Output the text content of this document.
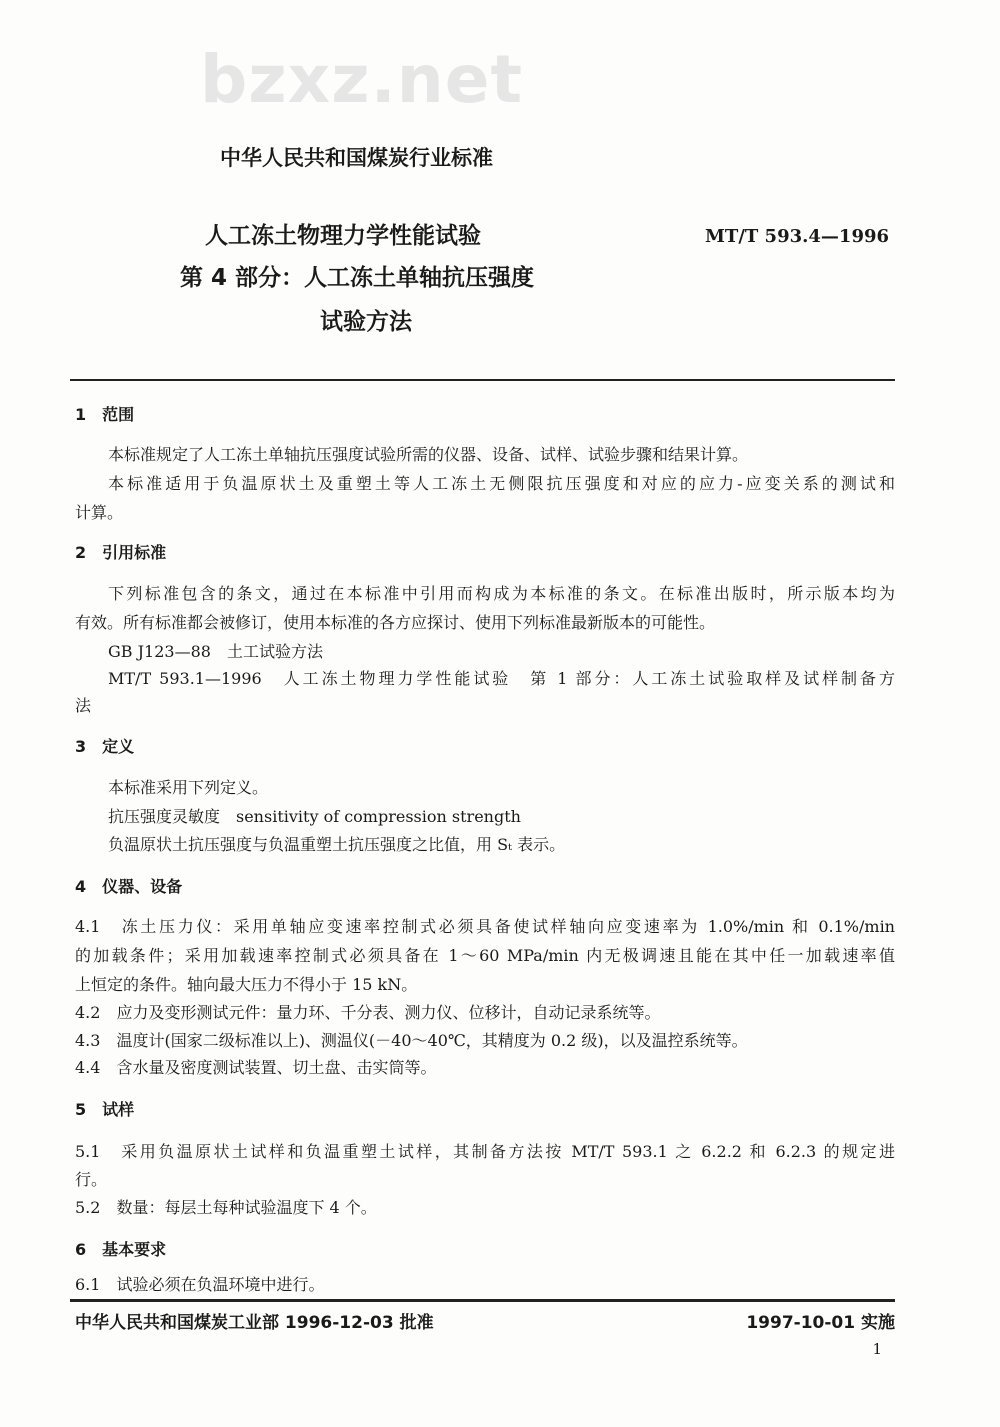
bzxz.net
中华人民共和国煤炭行业标准
人工冻土物理力学性能试验
第 4 部分：人工冻土单轴抗压强度
试验方法
MT/T 593.4—1996
1　范围
本标准规定了人工冻土单轴抗压强度试验所需的仪器、设备、试样、试验步骤和结果计算。
本标准适用于负温原状土及重塑土等人工冻土无侧限抗压强度和对应的应力-应变关系的测试和
计算。
2　引用标准
下列标准包含的条文，通过在本标准中引用而构成为本标准的条文。在标准出版时，所示版本均为
有效。所有标准都会被修订，使用本标准的各方应探讨、使用下列标准最新版本的可能性。
GB J123—88　土工试验方法
MT/T 593.1—1996　人工冻土物理力学性能试验　第 1 部分：人工冻土试验取样及试样制备方
法
3　定义
本标准采用下列定义。
抗压强度灵敏度　sensitivity of compression strength
负温原状土抗压强度与负温重塑土抗压强度之比值，用 Sₜ 表示。
4　仪器、设备
4.1　冻土压力仪：采用单轴应变速率控制式必须具备使试样轴向应变速率为 1.0%/min 和 0.1%/min
的加载条件；采用加载速率控制式必须具备在 1～60 MPa/min 内无极调速且能在其中任一加载速率值
上恒定的条件。轴向最大压力不得小于 15 kN。
4.2　应力及变形测试元件：量力环、千分表、测力仪、位移计，自动记录系统等。
4.3　温度计(国家二级标准以上)、测温仪(－40～40℃，其精度为 0.2 级)，以及温控系统等。
4.4　含水量及密度测试装置、切土盘、击实筒等。
5　试样
5.1　采用负温原状土试样和负温重塑土试样，其制备方法按 MT/T 593.1 之 6.2.2 和 6.2.3 的规定进
行。
5.2　数量：每层土每种试验温度下 4 个。
6　基本要求
6.1　试验必须在负温环境中进行。
中华人民共和国煤炭工业部 1996-12-03 批准	1997-10-01 实施
1
